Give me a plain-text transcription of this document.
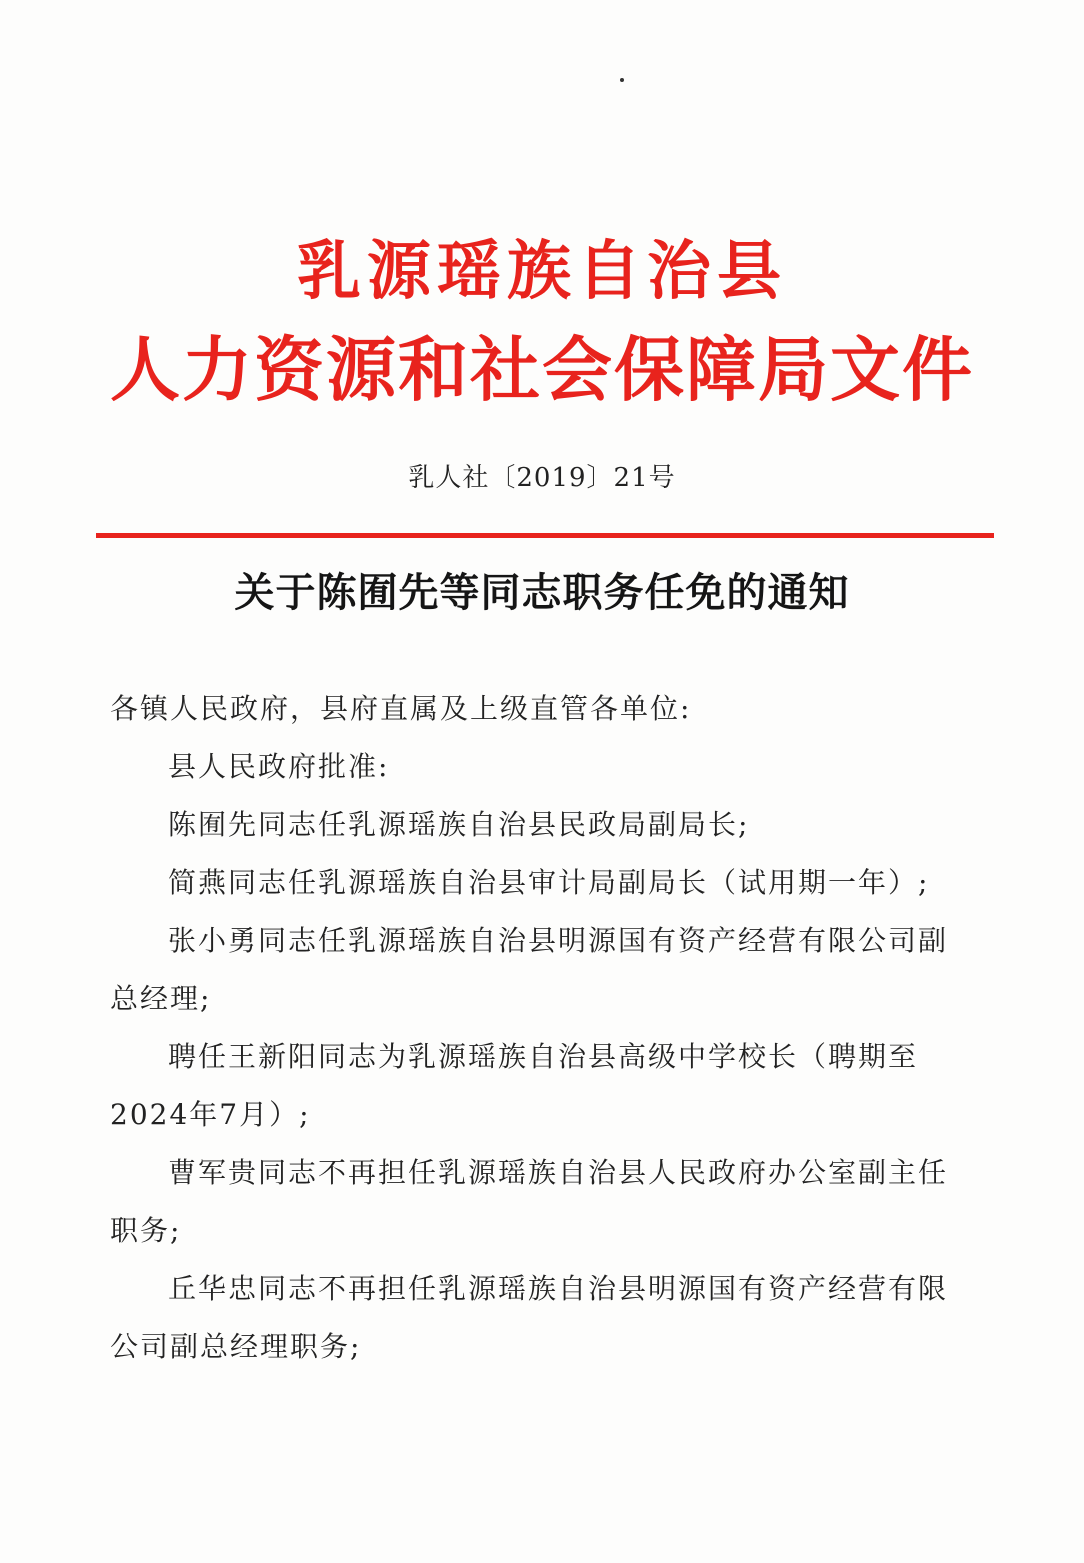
乳源瑶族自治县
人力资源和社会保障局文件
乳人社〔2019〕21号
关于陈囿先等同志职务任免的通知

各镇人民政府，县府直属及上级直管各单位:

县人民政府批准:

陈囿先同志任乳源瑶族自治县民政局副局长;

简燕同志任乳源瑶族自治县审计局副局长（试用期一年）;

张小勇同志任乳源瑶族自治县明源国有资产经营有限公司副总经理;

聘任王新阳同志为乳源瑶族自治县高级中学校长（聘期至2024年7月）;

曹军贵同志不再担任乳源瑶族自治县人民政府办公室副主任职务;

丘华忠同志不再担任乳源瑶族自治县明源国有资产经营有限公司副总经理职务;
